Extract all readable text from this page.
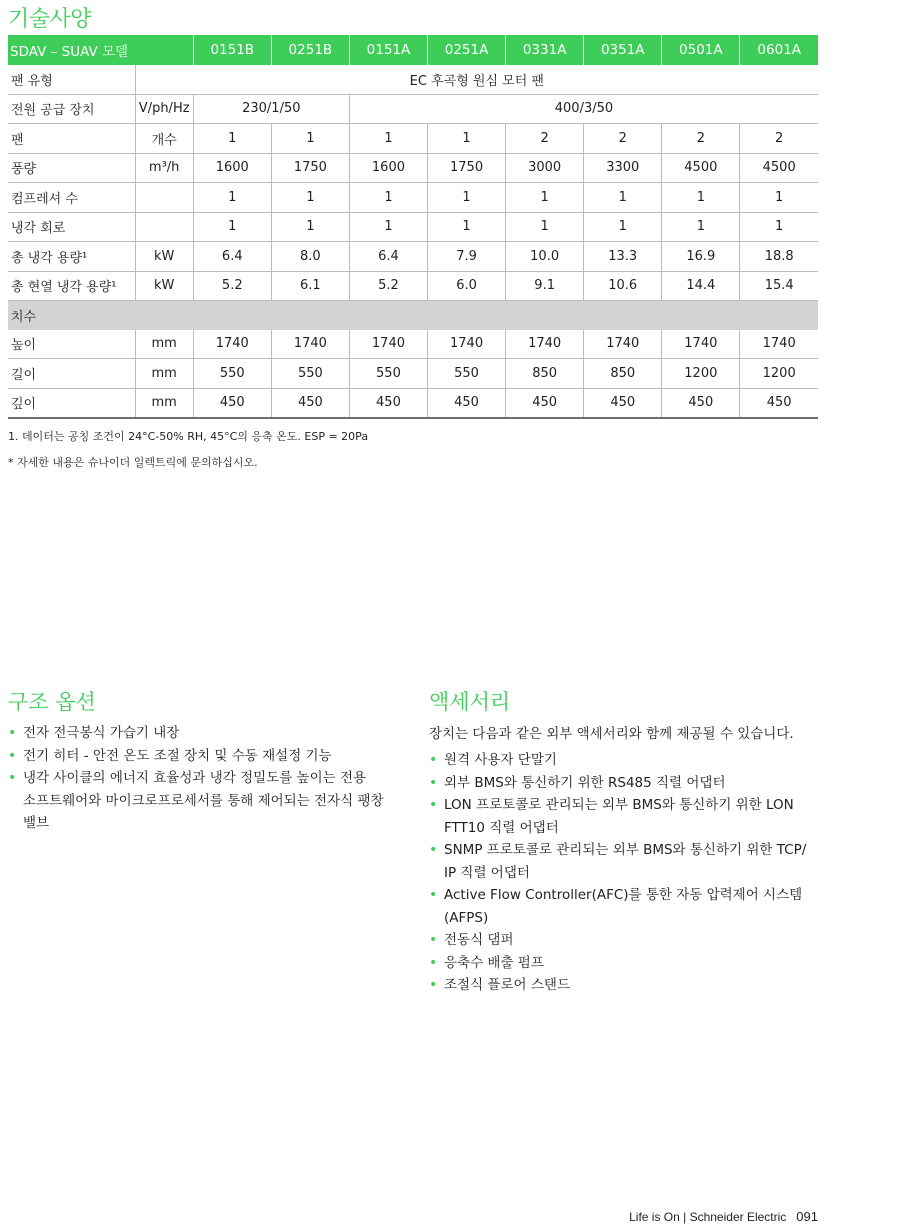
기술사양
SDAV – SUAV 모델		0151B	0251B	0151A	0251A	0331A	0351A	0501A	0601A
팬 유형	EC 후곡형 원심 모터 팬								
전원 공급 장치	V/ph/Hz	230/1/50		400/3/50					
팬	개수	1	1	1	1	2	2	2	2
풍량	m³/h	1600	1750	1600	1750	3000	3300	4500	4500
컴프레셔 수		1	1	1	1	1	1	1	1
냉각 회로		1	1	1	1	1	1	1	1
총 냉각 용량¹	kW	6.4	8.0	6.4	7.9	10.0	13.3	16.9	18.8
총 현열 냉각 용량¹	kW	5.2	6.1	5.2	6.0	9.1	10.6	14.4	15.4
치수									
높이	mm	1740	1740	1740	1740	1740	1740	1740	1740
길이	mm	550	550	550	550	850	850	1200	1200
깊이	mm	450	450	450	450	450	450	450	450

1. 데이터는 공칭 조건이 24°C-50% RH, 45°C의 응축 온도. ESP = 20Pa

* 자세한 내용은 슈나이더 일렉트릭에 문의하십시오.

구조 옵션
• 전자 전극봉식 가습기 내장
• 전기 히터 - 안전 온도 조절 장치 및 수동 재설정 기능
• 냉각 사이클의 에너지 효율성과 냉각 정밀도를 높이는 전용
소프트웨어와 마이크로프로세서를 통해 제어되는 전자식 팽창
밸브
액세서리

장치는 다음과 같은 외부 액세서리와 함께 제공될 수 있습니다.

• 원격 사용자 단말기
• 외부 BMS와 통신하기 위한 RS485 직렬 어댑터
• LON 프로토콜로 관리되는 외부 BMS와 통신하기 위한 LON
FTT10 직렬 어댑터
• SNMP 프로토콜로 관리되는 외부 BMS와 통신하기 위한 TCP/
IP 직렬 어댑터
• Active Flow Controller(AFC)를 통한 자동 압력제어 시스템
(AFPS)
• 전동식 댐퍼
• 응축수 배출 펌프
• 조절식 플로어 스탠드
Life is On | Schneider Electric 091
